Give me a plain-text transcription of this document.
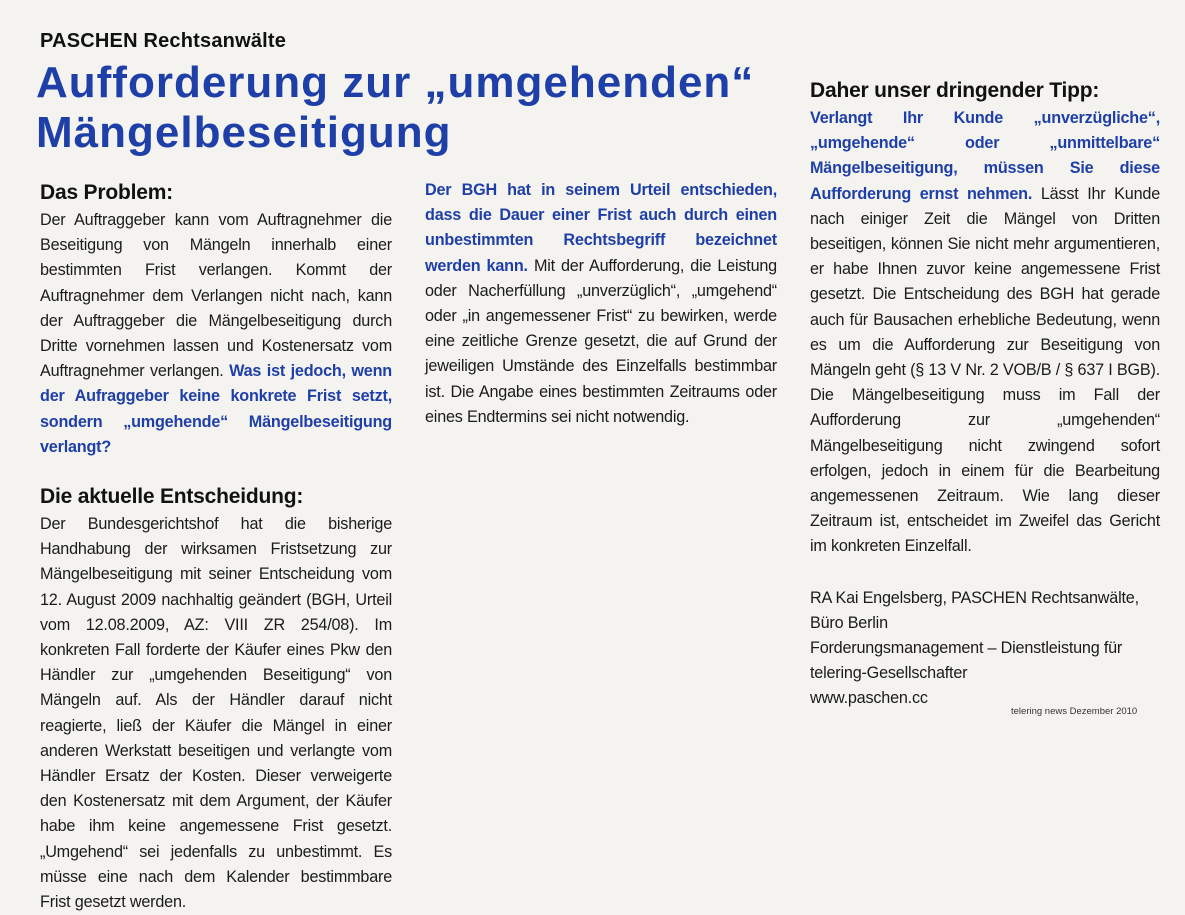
PASCHEN Rechtsanwälte
Aufforderung zur „umgehenden“
Mängelbeseitigung
Das Problem:

Der Auftraggeber kann vom Auftragnehmer die Beseitigung von Mängeln innerhalb einer bestimmten Frist verlangen. Kommt der Auftragnehmer dem Verlangen nicht nach, kann der Auftraggeber die Mängelbeseitigung durch Dritte vornehmen lassen und Kostenersatz vom Auftragnehmer verlangen. Was ist jedoch, wenn der Aufraggeber keine konkrete Frist setzt, sondern „umgehende“ Mängelbeseitigung verlangt?

Die aktuelle Entscheidung:

Der Bundesgerichtshof hat die bisherige Handhabung der wirksamen Fristsetzung zur Mängelbeseitigung mit seiner Entscheidung vom 12. August 2009 nachhaltig geändert (BGH, Urteil vom 12.08.2009, AZ: VIII ZR 254/08). Im konkreten Fall forderte der Käufer eines Pkw den Händler zur „umgehenden Beseitigung“ von Mängeln auf. Als der Händler darauf nicht reagierte, ließ der Käufer die Mängel in einer anderen Werkstatt beseitigen und verlangte vom Händler Ersatz der Kosten. Dieser verweigerte den Kostenersatz mit dem Argument, der Käufer habe ihm keine angemessene Frist gesetzt. „Umgehend“ sei jedenfalls zu unbestimmt. Es müsse eine nach dem Kalender bestimmbare Frist gesetzt werden.

Der BGH hat in seinem Urteil entschieden, dass die Dauer einer Frist auch durch einen unbestimmten Rechtsbegriff bezeichnet werden kann. Mit der Aufforderung, die Leistung oder Nacherfüllung „unverzüglich“, „umgehend“ oder „in angemessener Frist“ zu bewirken, werde eine zeitliche Grenze gesetzt, die auf Grund der jeweiligen Umstände des Einzelfalls bestimmbar ist. Die Angabe eines bestimmten Zeitraums oder eines Endtermins sei nicht notwendig.

Daher unser dringender Tipp:

Verlangt Ihr Kunde „unverzügliche“, „umgehende“ oder „unmittelbare“ Mängelbeseitigung, müssen Sie diese Aufforderung ernst nehmen. Lässt Ihr Kunde nach einiger Zeit die Mängel von Dritten beseitigen, können Sie nicht mehr argumentieren, er habe Ihnen zuvor keine angemessene Frist gesetzt. Die Entscheidung des BGH hat gerade auch für Bausachen erhebliche Bedeutung, wenn es um die Aufforderung zur Beseitigung von Mängeln geht (§ 13 V Nr. 2 VOB/B / § 637 I BGB). Die Mängelbeseitigung muss im Fall der Aufforderung zur „umgehenden“ Mängelbeseitigung nicht zwingend sofort erfolgen, jedoch in einem für die Bearbeitung angemessenen Zeitraum. Wie lang dieser Zeitraum ist, entscheidet im Zweifel das Gericht im konkreten Einzelfall.

RA Kai Engelsberg, PASCHEN Rechtsanwälte,
Büro Berlin
Forderungsmanagement – Dienstleistung für
telering-Gesellschafter
www.paschen.cc
telering news Dezember 2010
